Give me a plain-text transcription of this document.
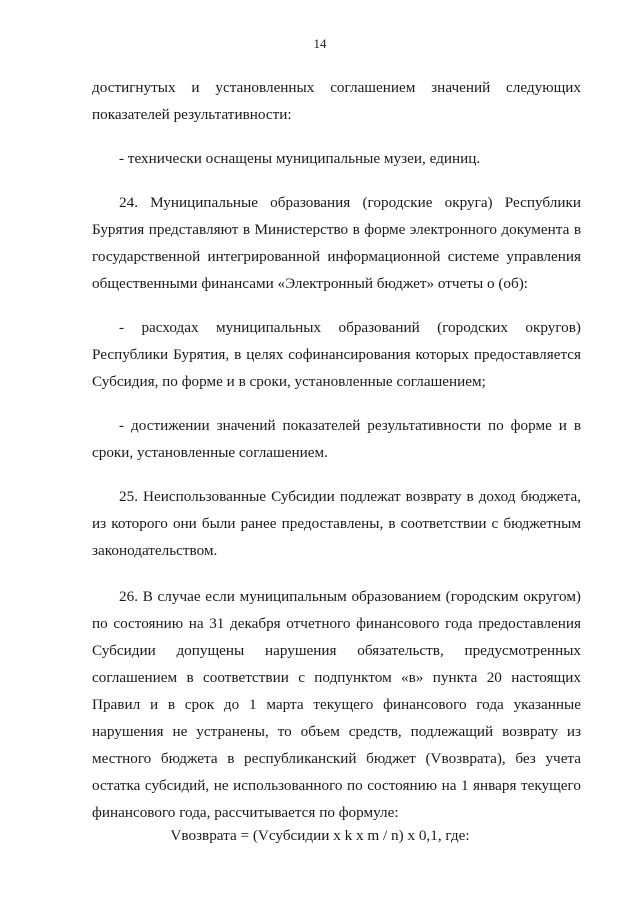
14
достигнутых и установленных соглашением значений следующих
показателей результативности:
- технически оснащены муниципальные музеи, единиц.
24. Муниципальные образования (городские округа) Республики
Бурятия представляют в Министерство в форме электронного документа в
государственной интегрированной информационной системе управления
общественными финансами «Электронный бюджет» отчеты о (об):
- расходах муниципальных образований (городских округов)
Республики Бурятия, в целях софинансирования которых предоставляется
Субсидия, по форме и в сроки, установленные соглашением;
- достижении значений показателей результативности по форме и в
сроки, установленные соглашением.
25. Неиспользованные Субсидии подлежат возврату в доход бюджета,
из которого они были ранее предоставлены, в соответствии с бюджетным
законодательством.
26. В случае если муниципальным образованием (городским округом)
по состоянию на 31 декабря отчетного финансового года предоставления
Субсидии допущены нарушения обязательств, предусмотренных
соглашением в соответствии с подпунктом «в» пункта 20 настоящих
Правил и в срок до 1 марта текущего финансового года указанные
нарушения не устранены, то объем средств, подлежащий возврату из
местного бюджета в республиканский бюджет (Vвозврата), без учета
остатка субсидий, не использованного по состоянию на 1 января текущего
финансового года, рассчитывается по формуле:
Vвозврата = (Vсубсидии x k x m / n) x 0,1, где:
